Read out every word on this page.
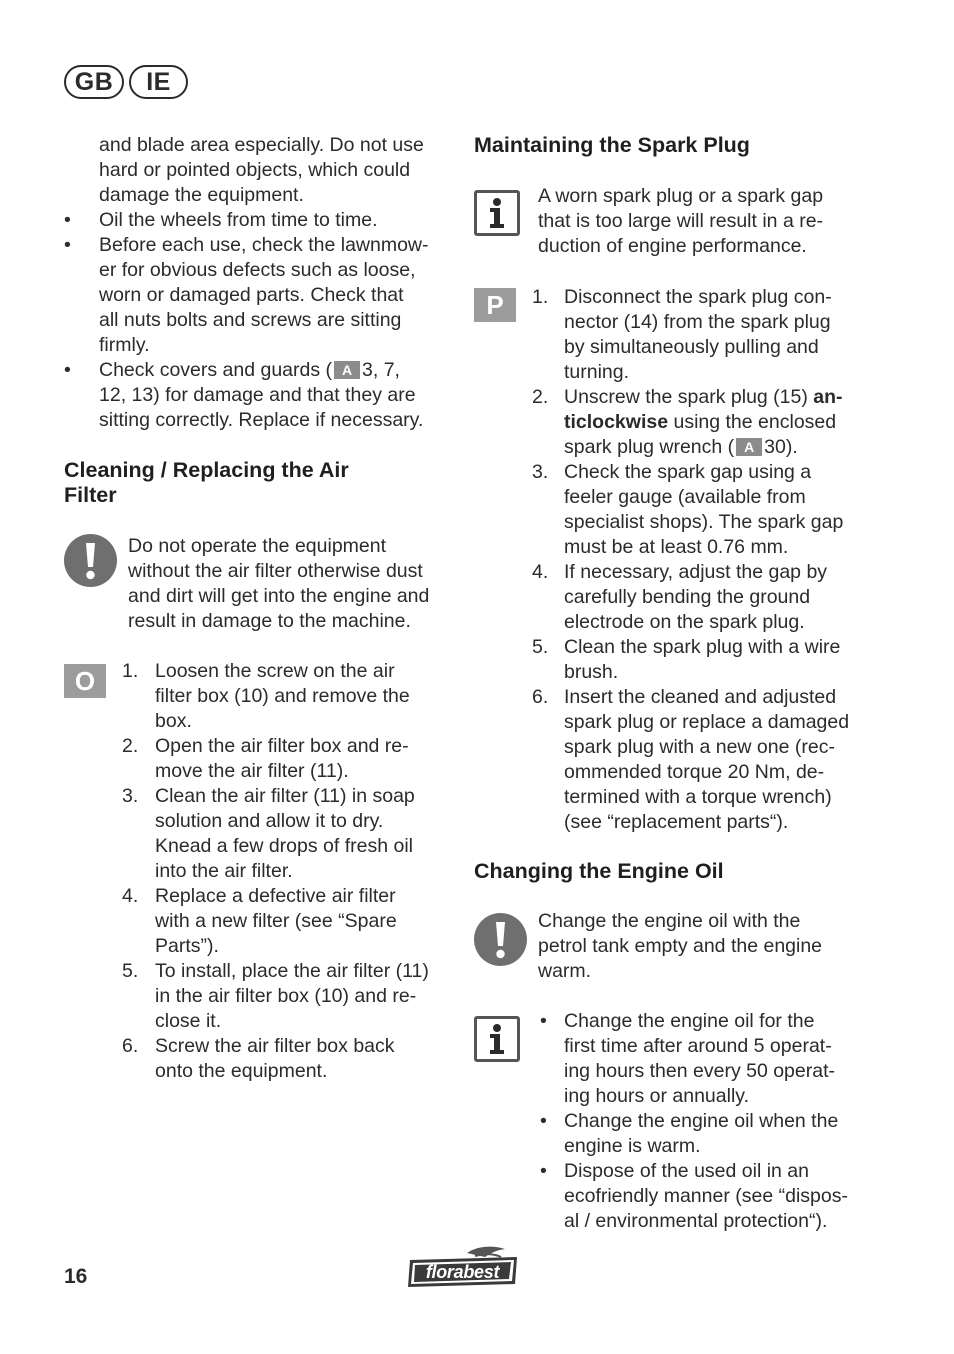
GB IE
and blade area especially. Do not use
hard or pointed objects, which could
damage the equipment.
• Oil the wheels from time to time.
• Before each use, check the lawnmow-
er for obvious defects such as loose,
worn or damaged parts. Check that
all nuts bolts and screws are sitting
firmly.
• Check covers and guards ( A 3, 7,
12, 13) for damage and that they are
sitting correctly. Replace if necessary.
Cleaning / Replacing the Air
Filter
Do not operate the equipment
without the air filter otherwise dust
and dirt will get into the engine and
result in damage to the machine.
O 1. Loosen the screw on the air
filter box (10) and remove the
box.
2. Open the air filter box and re-
move the air filter (11).
3. Clean the air filter (11) in soap
solution and allow it to dry.
Knead a few drops of fresh oil
into the air filter.
4. Replace a defective air filter
with a new filter (see “Spare
Parts”).
5. To install, place the air filter (11)
in the air filter box (10) and re-
close it.
6. Screw the air filter box back
onto the equipment.
Maintaining the Spark Plug
A worn spark plug or a spark gap
that is too large will result in a re-
duction of engine performance.
P 1. Disconnect the spark plug con-
nector (14) from the spark plug
by simultaneously pulling and
turning.
2. Unscrew the spark plug (15) an-
ticlockwise using the enclosed
spark plug wrench ( A 30).
3. Check the spark gap using a
feeler gauge (available from
specialist shops). The spark gap
must be at least 0.76 mm.
4. If necessary, adjust the gap by
carefully bending the ground
electrode on the spark plug.
5. Clean the spark plug with a wire
brush.
6. Insert the cleaned and adjusted
spark plug or replace a damaged
spark plug with a new one (rec-
ommended torque 20 Nm, de-
termined with a torque wrench)
(see “replacement parts“).
Changing the Engine Oil
Change the engine oil with the
petrol tank empty and the engine
warm.
• Change the engine oil for the
first time after around 5 operat-
ing hours then every 50 operat-
ing hours or annually.
• Change the engine oil when the
engine is warm.
• Dispose of the used oil in an
ecofriendly manner (see “dispos-
al / environmental protection“).
16	florabest
